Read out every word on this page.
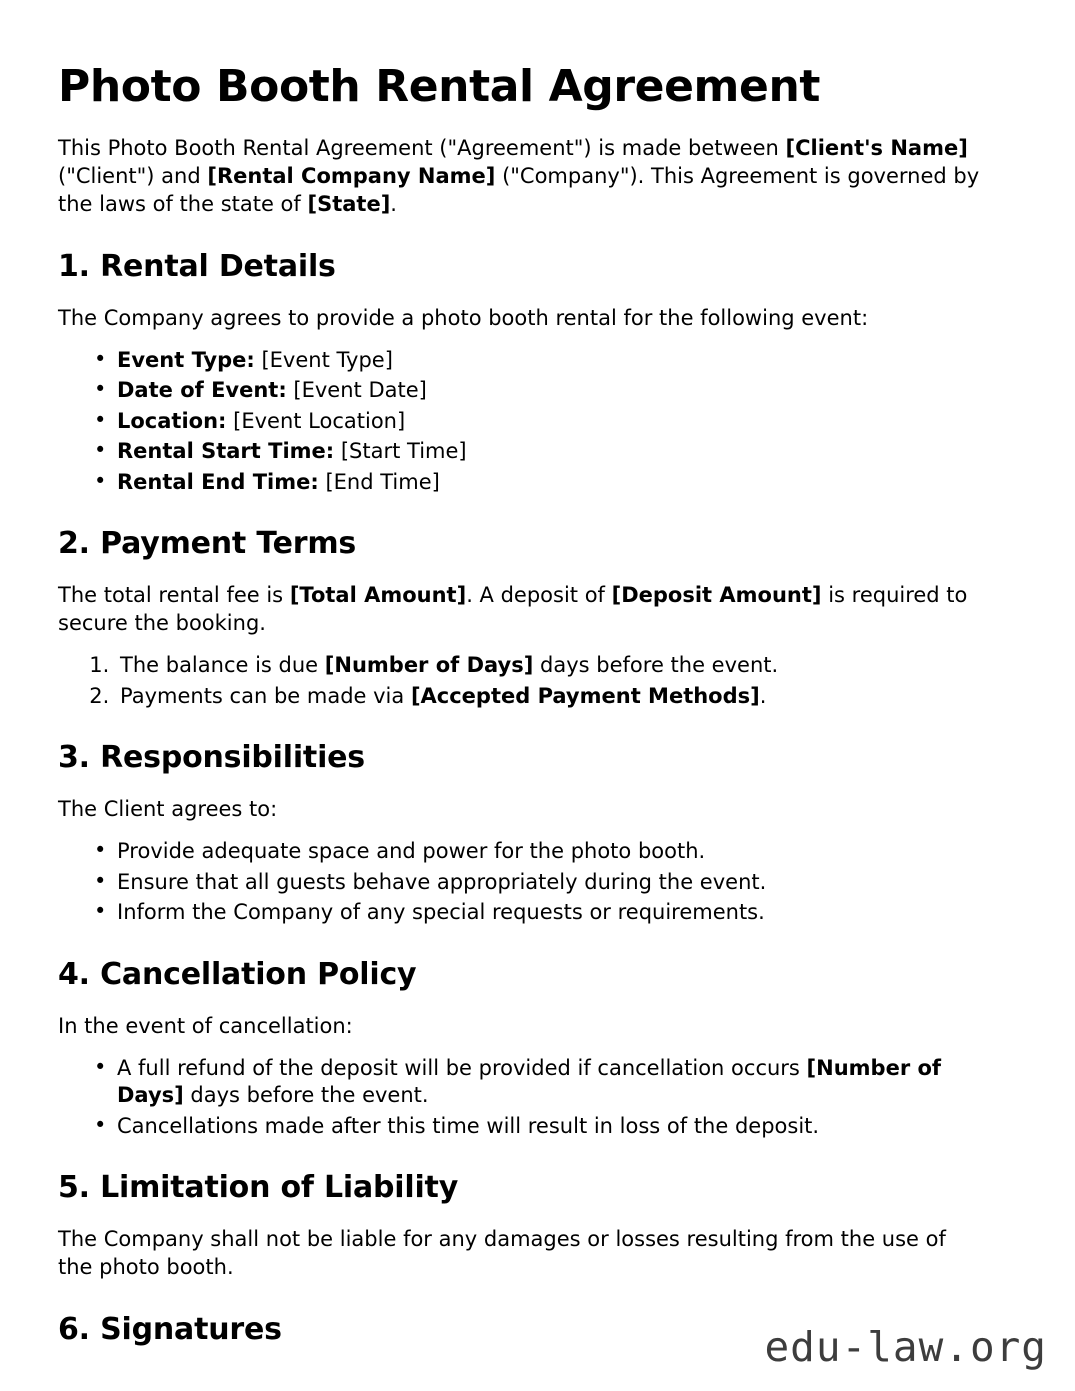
Photo Booth Rental Agreement

This Photo Booth Rental Agreement ("Agreement") is made between [Client's Name] ("Client") and [Rental Company Name] ("Company"). This Agreement is governed by the laws of the state of [State].

1. Rental Details

The Company agrees to provide a photo booth rental for the following event:

• Event Type: [Event Type]
• Date of Event: [Event Date]
• Location: [Event Location]
• Rental Start Time: [Start Time]
• Rental End Time: [End Time]
2. Payment Terms

The total rental fee is [Total Amount]. A deposit of [Deposit Amount] is required to secure the booking.

1. The balance is due [Number of Days] days before the event.
2. Payments can be made via [Accepted Payment Methods].
3. Responsibilities

The Client agrees to:

• Provide adequate space and power for the photo booth.
• Ensure that all guests behave appropriately during the event.
• Inform the Company of any special requests or requirements.
4. Cancellation Policy

In the event of cancellation:

• A full refund of the deposit will be provided if cancellation occurs [Number of Days] days before the event.
• Cancellations made after this time will result in loss of the deposit.
5. Limitation of Liability

The Company shall not be liable for any damages or losses resulting from the use of the photo booth.

6. Signatures	edu-law.org
